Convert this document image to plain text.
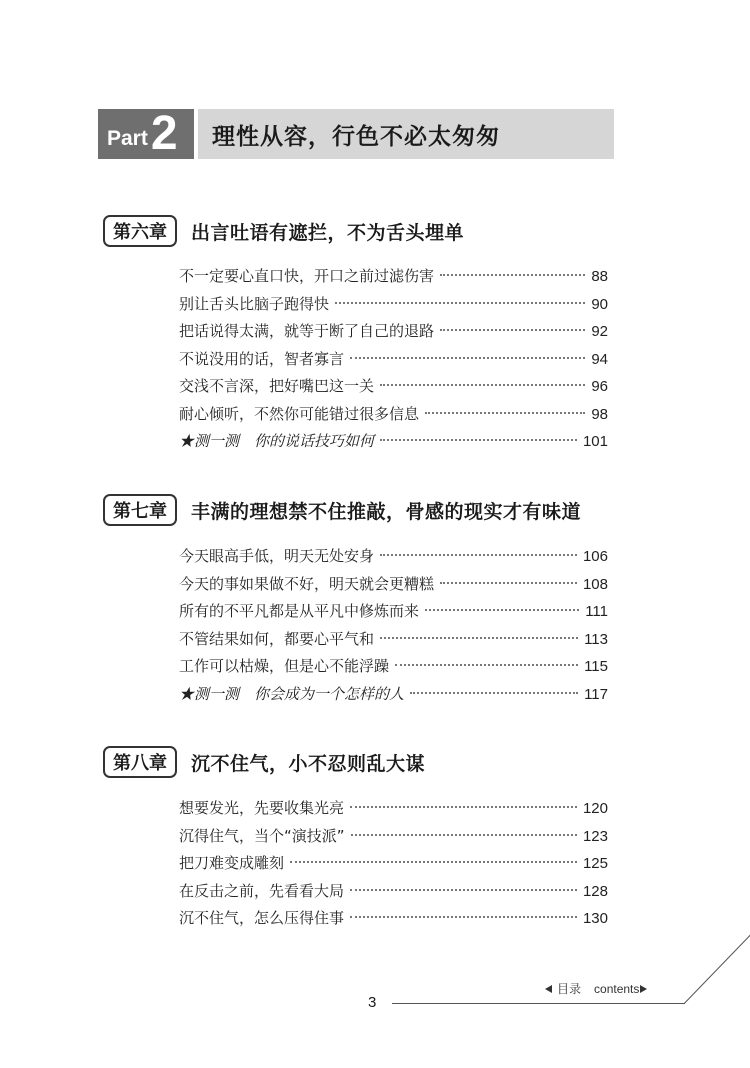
Part 2 理性从容，行色不必太匆匆
第六章	出言吐语有遮拦，不为舌头埋单
不一定要心直口快，开口之前过滤伤害	88
别让舌头比脑子跑得快	90
把话说得太满，就等于断了自己的退路	92
不说没用的话，智者寡言	94
交浅不言深，把好嘴巴这一关	96
耐心倾听，不然你可能错过很多信息	98
★测一测　你的说话技巧如何	101
第七章	丰满的理想禁不住推敲，骨感的现实才有味道
今天眼高手低，明天无处安身	106
今天的事如果做不好，明天就会更糟糕	108
所有的不平凡都是从平凡中修炼而来	111
不管结果如何，都要心平气和	113
工作可以枯燥，但是心不能浮躁	115
★测一测　你会成为一个怎样的人	117
第八章	沉不住气，小不忍则乱大谋
想要发光，先要收集光亮	120
沉得住气，当个“演技派”	123
把刀难变成雕刻	125
在反击之前，先看看大局	128
沉不住气，怎么压得住事	130
目录 contents
3
